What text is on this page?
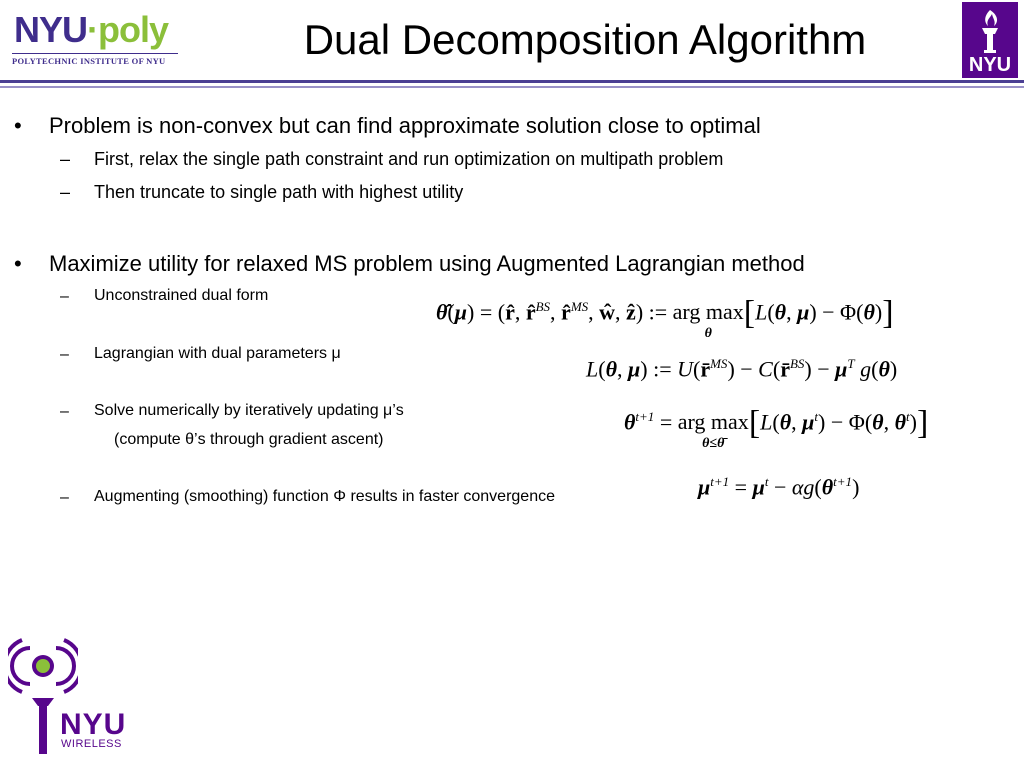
NYU·poly
POLYTECHNIC INSTITUTE OF NYU	Dual Decomposition Algorithm
NYU
• Problem is non-convex but can find approximate solution close to optimal
– First, relax the single path constraint and run optimization on multipath problem
– Then truncate to single path with highest utility
• Maximize utility for relaxed MS problem using Augmented Lagrangian method
– Unconstrained dual form
– Lagrangian with dual parameters μ
– Solve numerically by iteratively updating μ’s
(compute θ’s through gradient ascent)
– Augmenting (smoothing) function Φ results in faster convergence
θ̂(μ) = (r̂, r̂$^{BS}$, r̂$^{MS}$, ŵ, ẑ) := arg max
θ
[L(θ, μ) − Φ(θ)]
L(θ, μ) := U(r̄$^{MS}$) − C(r̄$^{BS}$) − $\mu^T$ g(θ)
$\theta^{t+1}$ = arg max
θ≤θ̄
[L(θ, $\mu^t) - \Phi(\theta$, $\theta^t$)]
$\mu^{t+1} = \mu^t - \alpha g(\theta^{t+1})$
NYU
WIRELESS
